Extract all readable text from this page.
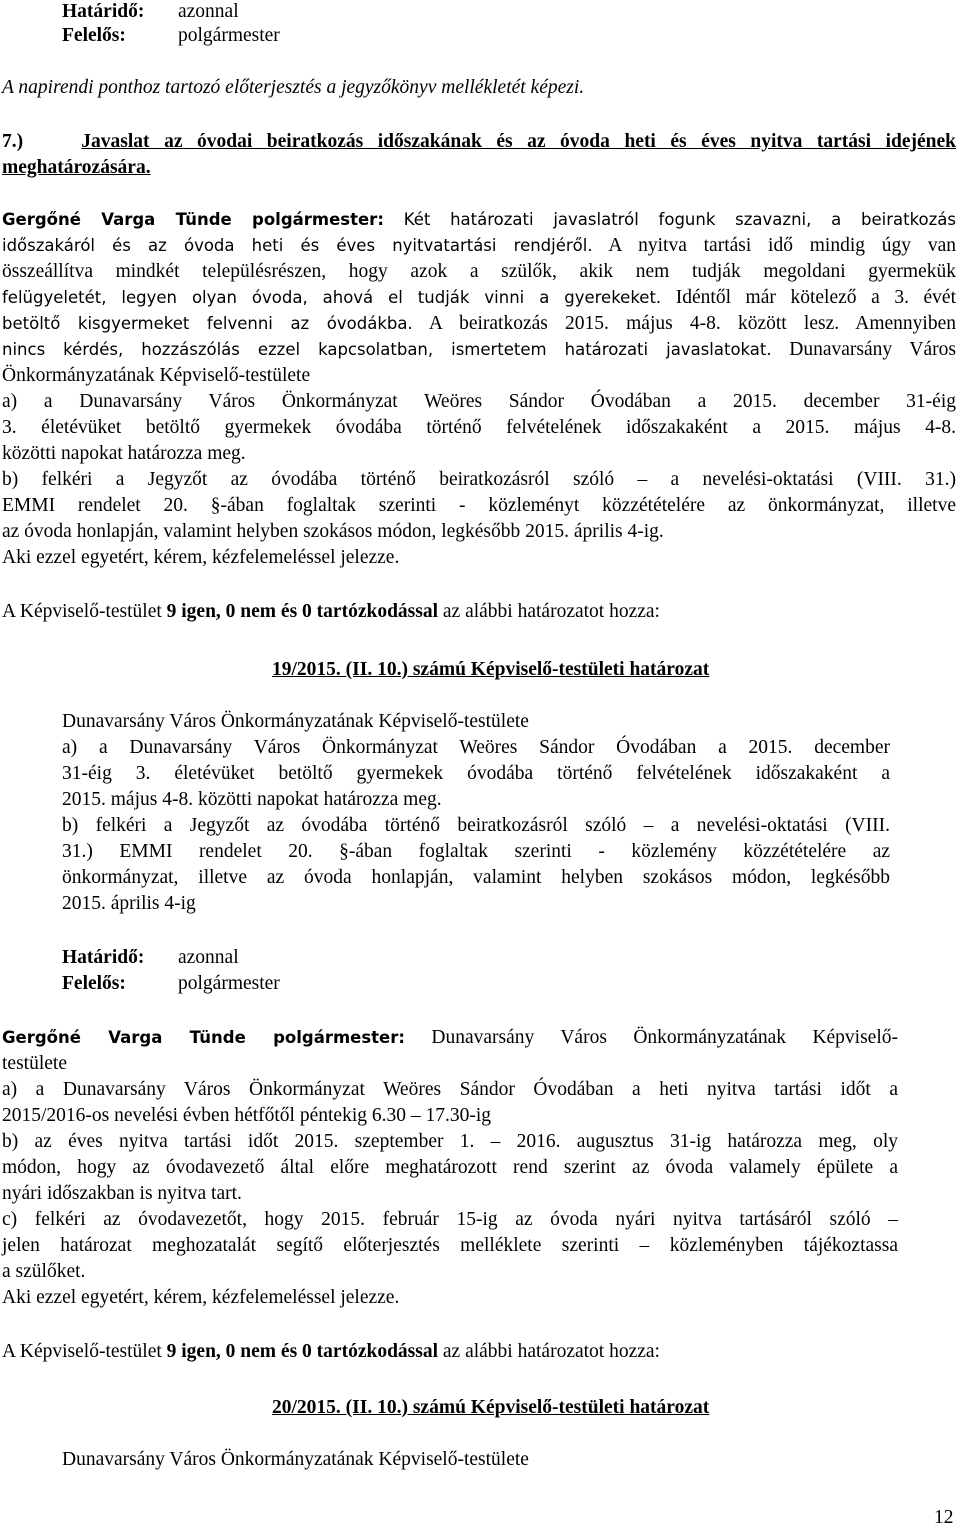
Határidő: azonnal
Felelős:	polgármester
A napirendi ponthoz tartozó előterjesztés a jegyzőkönyv mellékletét képezi.
7.)	Javaslat az óvodai beiratkozás időszakának és az óvoda heti és éves nyitva tartási idejének
meghatározására.
Gergőné Varga Tünde polgármester: Két határozati javaslatról fogunk szavazni, a beiratkozás
időszakáról és az óvoda heti és éves nyitvatartási rendjéről. A nyitva tartási idő mindig úgy van
összeállítva mindkét településrészen, hogy azok a szülők, akik nem tudják megoldani gyermekük
felügyeletét, legyen olyan óvoda, ahová el tudják vinni a gyerekeket. Idéntől már kötelező a 3. évét
betöltő kisgyermeket felvenni az óvodákba. A beiratkozás 2015. május 4-8. között lesz. Amennyiben
nincs kérdés, hozzászólás ezzel kapcsolatban, ismertetem határozati javaslatokat. Dunavarsány Város
Önkormányzatának Képviselő-testülete
a) a Dunavarsány Város Önkormányzat Weöres Sándor Óvodában a 2015. december 31-éig
3. életévüket betöltő gyermekek óvodába történő felvételének időszakaként a 2015. május 4-8.
közötti napokat határozza meg.
b) felkéri a Jegyzőt az óvodába történő beiratkozásról szóló – a nevelési-oktatási (VIII. 31.)
EMMI rendelet 20. §-ában foglaltak szerinti - közleményt közzétételére az önkormányzat, illetve
az óvoda honlapján, valamint helyben szokásos módon, legkésőbb 2015. április 4-ig.
Aki ezzel egyetért, kérem, kézfelemeléssel jelezze.
A Képviselő-testület 9 igen, 0 nem és 0 tartózkodással az alábbi határozatot hozza:
19/2015. (II. 10.) számú Képviselő-testületi határozat
Dunavarsány Város Önkormányzatának Képviselő-testülete
a) a Dunavarsány Város Önkormányzat Weöres Sándor Óvodában a 2015. december
31-éig 3. életévüket betöltő gyermekek óvodába történő felvételének időszakaként a
2015. május 4-8. közötti napokat határozza meg.
b) felkéri a Jegyzőt az óvodába történő beiratkozásról szóló – a nevelési-oktatási (VIII.
31.) EMMI rendelet 20. §-ában foglaltak szerinti - közlemény közzétételére az
önkormányzat, illetve az óvoda honlapján, valamint helyben szokásos módon, legkésőbb
2015. április 4-ig
Határidő: azonnal
Felelős:	polgármester
Gergőné Varga Tünde polgármester: Dunavarsány Város Önkormányzatának Képviselő-
testülete
a) a Dunavarsány Város Önkormányzat Weöres Sándor Óvodában a heti nyitva tartási időt a
2015/2016-os nevelési évben hétfőtől péntekig 6.30 – 17.30-ig
b) az éves nyitva tartási időt 2015. szeptember 1. – 2016. augusztus 31-ig határozza meg, oly
módon, hogy az óvodavezető által előre meghatározott rend szerint az óvoda valamely épülete a
nyári időszakban is nyitva tart.
c) felkéri az óvodavezetőt, hogy 2015. február 15-ig az óvoda nyári nyitva tartásáról szóló –
jelen határozat meghozatalát segítő előterjesztés melléklete szerinti – közleményben tájékoztassa
a szülőket.
Aki ezzel egyetért, kérem, kézfelemeléssel jelezze.
A Képviselő-testület 9 igen, 0 nem és 0 tartózkodással az alábbi határozatot hozza:
20/2015. (II. 10.) számú Képviselő-testületi határozat
Dunavarsány Város Önkormányzatának Képviselő-testülete
12
